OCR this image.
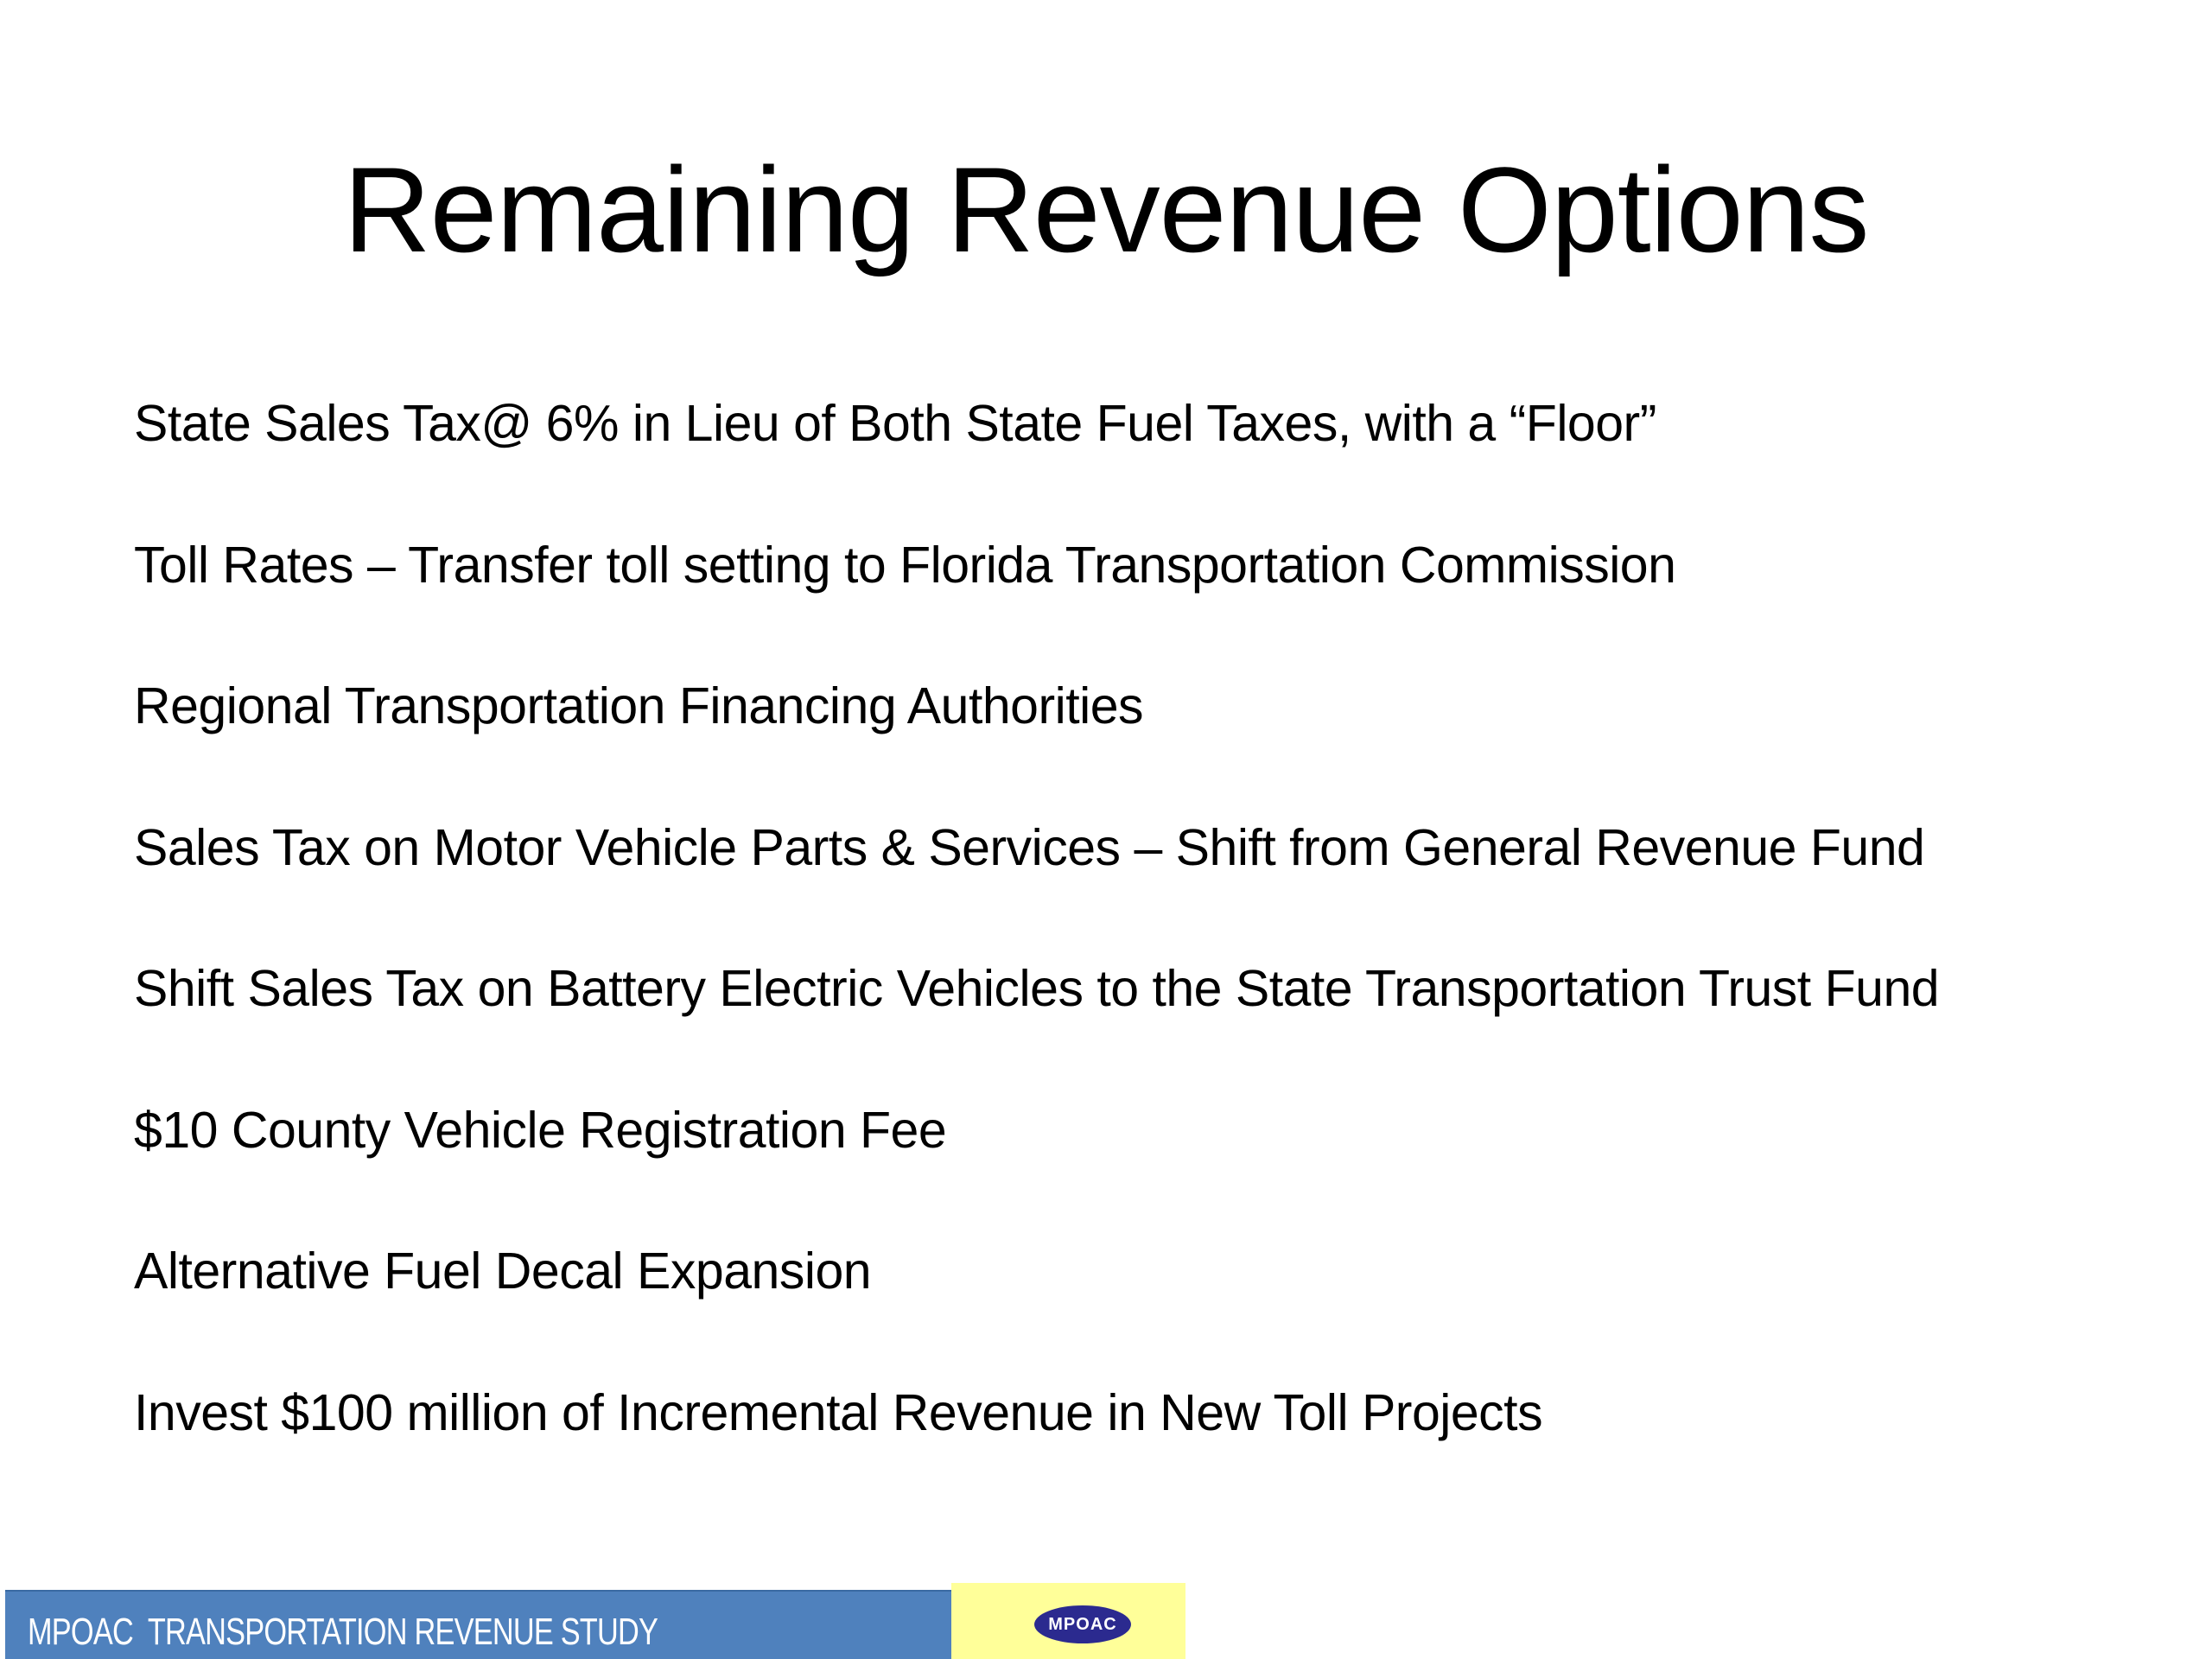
Remaining Revenue Options
State Sales Tax@ 6% in Lieu of Both State Fuel Taxes, with a “Floor”
Toll Rates – Transfer toll setting to Florida Transportation Commission
Regional Transportation Financing Authorities
Sales Tax on Motor Vehicle Parts & Services – Shift from General Revenue Fund
Shift Sales Tax on Battery Electric Vehicles to the State Transportation Trust Fund
$10 County Vehicle Registration Fee
Alternative Fuel Decal Expansion
Invest $100 million of Incremental Revenue in New Toll Projects
MPOAC  TRANSPORTATION REVENUE STUDY	MPOAC
